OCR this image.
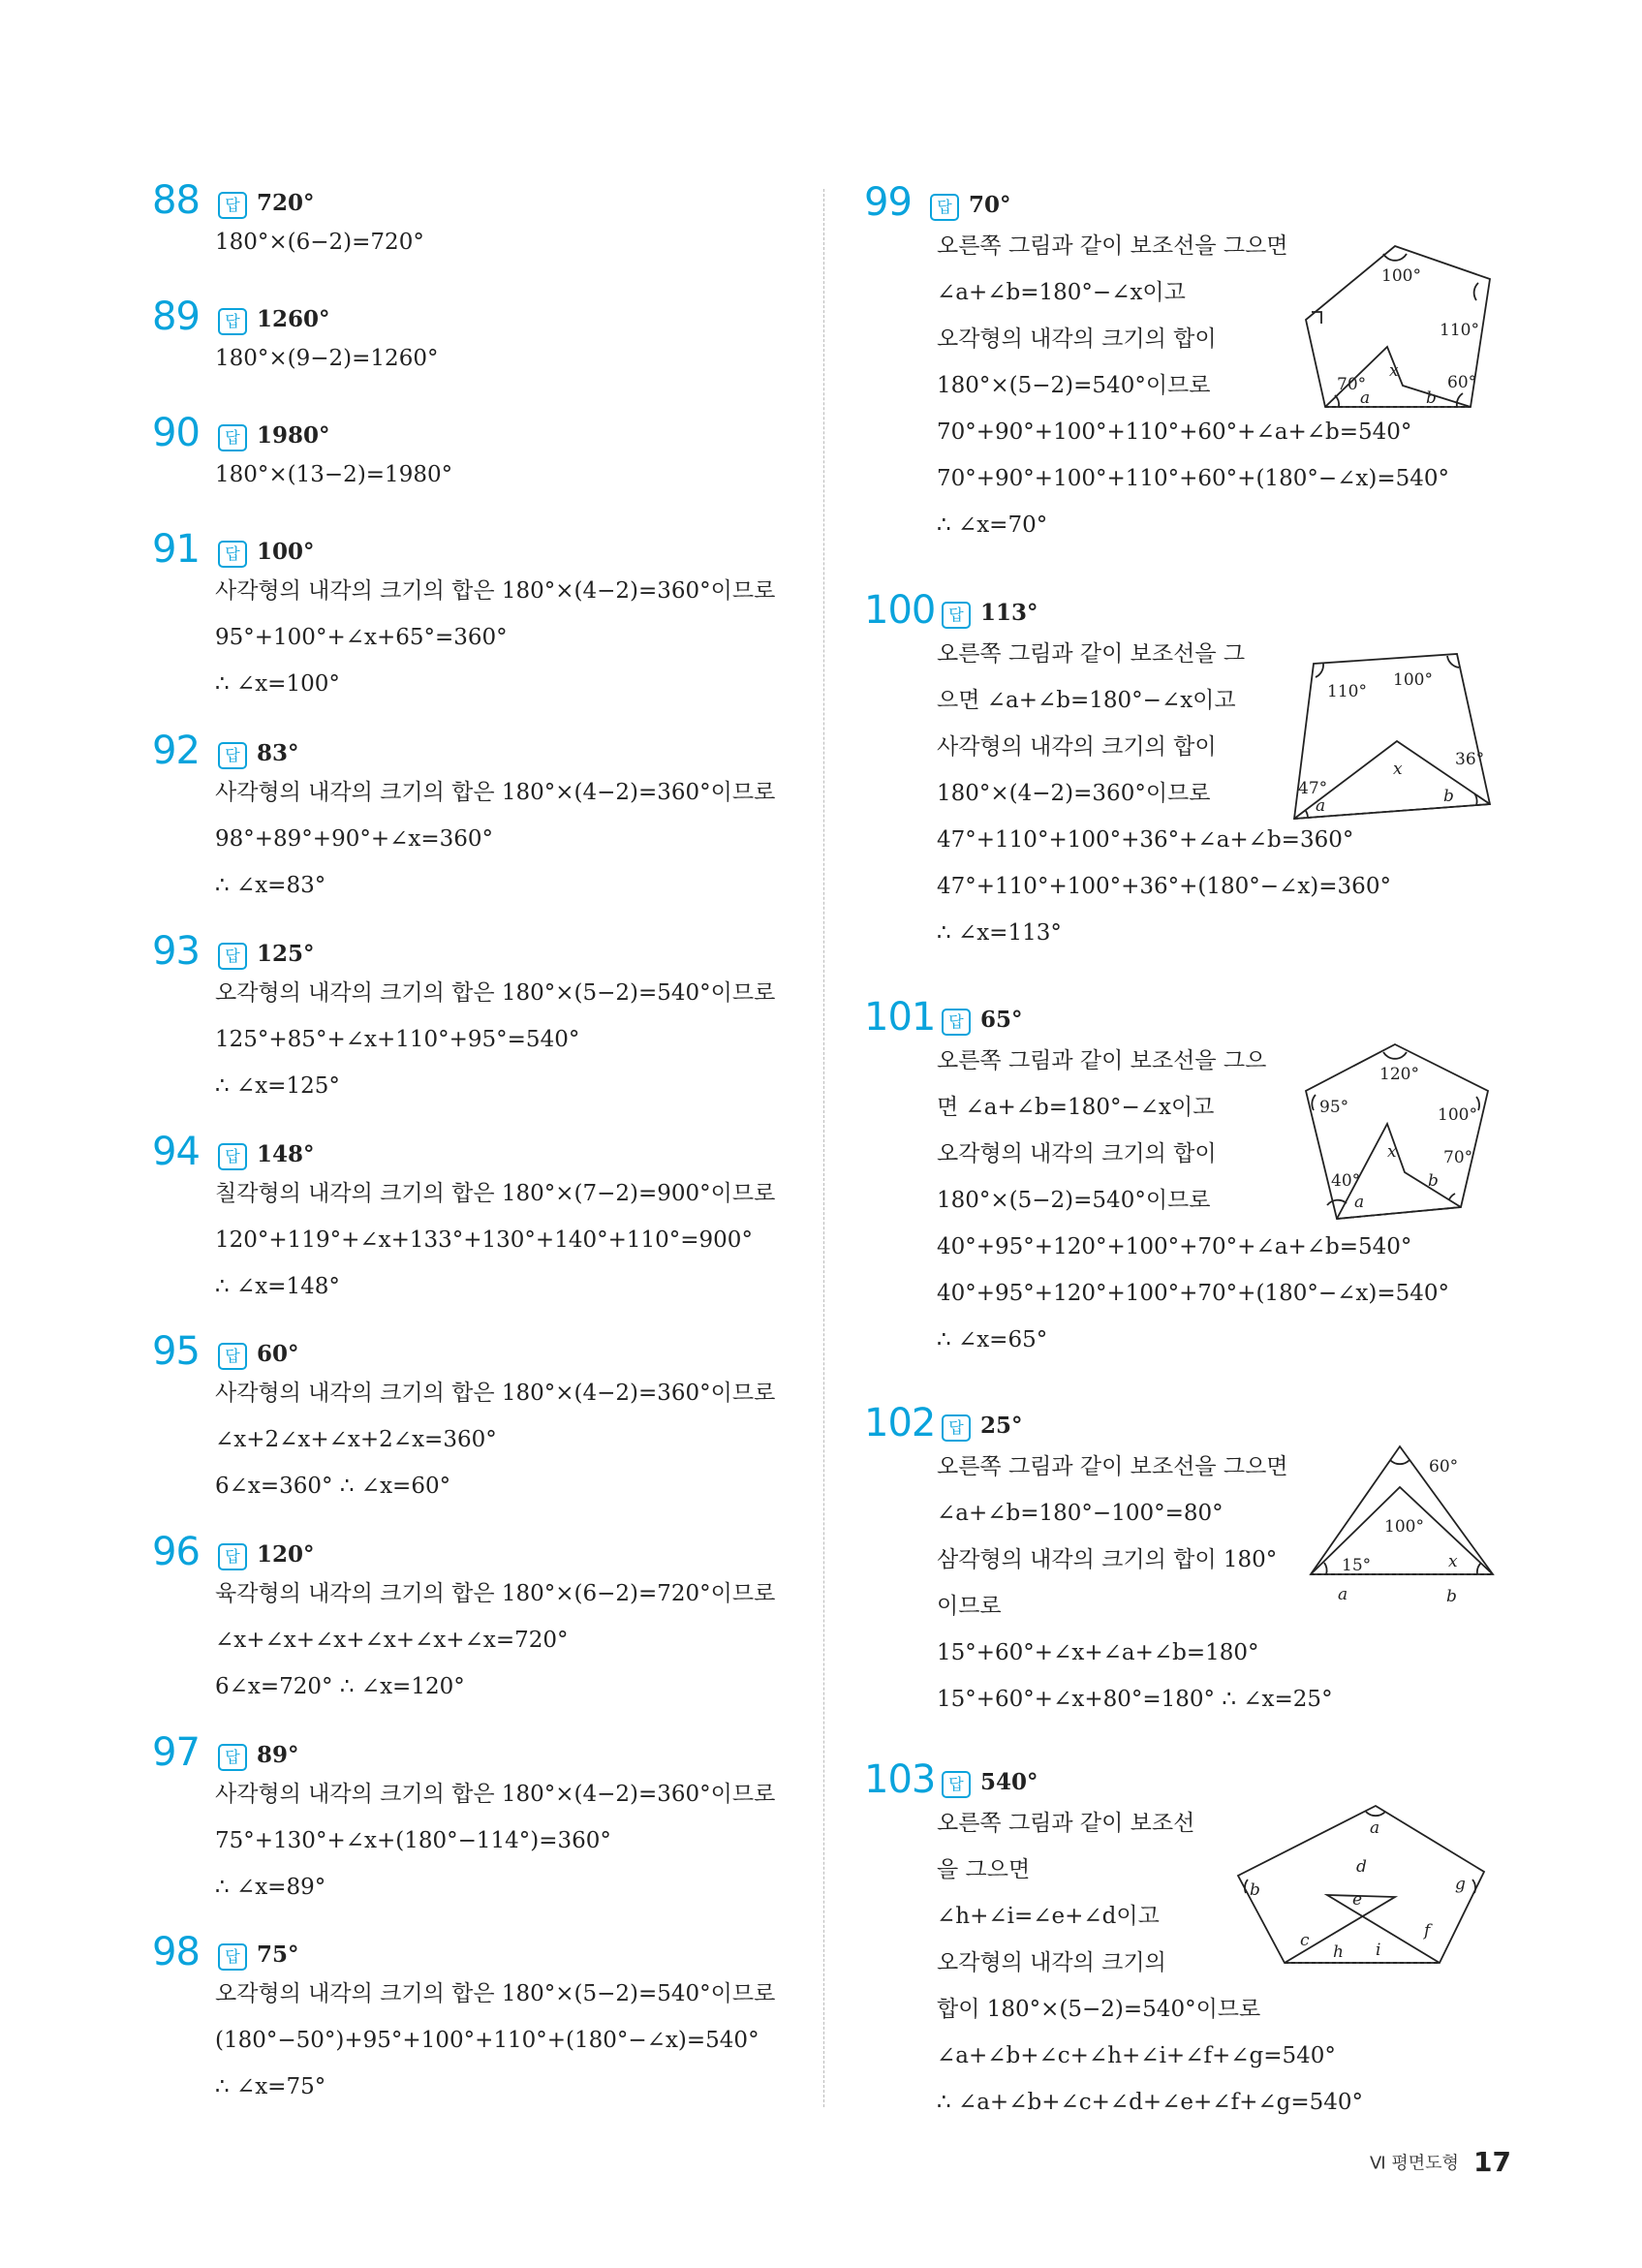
88	답 720°
180°×(6−2)=720°
89	답 1260°
180°×(9−2)=1260°
90	답 1980°
180°×(13−2)=1980°
91	답 100°
사각형의 내각의 크기의 합은 180°×(4−2)=360°이므로
95°+100°+∠x+65°=360°
∴ ∠x=100°
92	답 83°
사각형의 내각의 크기의 합은 180°×(4−2)=360°이므로
98°+89°+90°+∠x=360°
∴ ∠x=83°
93	답 125°
오각형의 내각의 크기의 합은 180°×(5−2)=540°이므로
125°+85°+∠x+110°+95°=540°
∴ ∠x=125°
94	답 148°
칠각형의 내각의 크기의 합은 180°×(7−2)=900°이므로
120°+119°+∠x+133°+130°+140°+110°=900°
∴ ∠x=148°
95	답 60°
사각형의 내각의 크기의 합은 180°×(4−2)=360°이므로
∠x+2∠x+∠x+2∠x=360°
6∠x=360° ∴ ∠x=60°
96	답 120°
육각형의 내각의 크기의 합은 180°×(6−2)=720°이므로
∠x+∠x+∠x+∠x+∠x+∠x=720°
6∠x=720° ∴ ∠x=120°
97	답 89°
사각형의 내각의 크기의 합은 180°×(4−2)=360°이므로
75°+130°+∠x+(180°−114°)=360°
∴ ∠x=89°
98	답 75°
오각형의 내각의 크기의 합은 180°×(5−2)=540°이므로
(180°−50°)+95°+100°+110°+(180°−∠x)=540°
∴ ∠x=75°
99	답 70°
오른쪽 그림과 같이 보조선을 그으면
∠a+∠b=180°−∠x이고
오각형의 내각의 크기의 합이
180°×(5−2)=540°이므로
70°+90°+100°+110°+60°+∠a+∠b=540°
70°+90°+100°+110°+60°+(180°−∠x)=540°
∴ ∠x=70°
100 답 113°
오른쪽 그림과 같이 보조선을 그
으면 ∠a+∠b=180°−∠x이고
사각형의 내각의 크기의 합이
180°×(4−2)=360°이므로
47°+110°+100°+36°+∠a+∠b=360°
47°+110°+100°+36°+(180°−∠x)=360°
∴ ∠x=113°
101 답 65°
오른쪽 그림과 같이 보조선을 그으
면 ∠a+∠b=180°−∠x이고
오각형의 내각의 크기의 합이
180°×(5−2)=540°이므로
40°+95°+120°+100°+70°+∠a+∠b=540°
40°+95°+120°+100°+70°+(180°−∠x)=540°
∴ ∠x=65°
102 답 25°
오른쪽 그림과 같이 보조선을 그으면
∠a+∠b=180°−100°=80°
삼각형의 내각의 크기의 합이 180°
이므로
15°+60°+∠x+∠a+∠b=180°
15°+60°+∠x+80°=180° ∴ ∠x=25°
103 답 540°
오른쪽 그림과 같이 보조선
을 그으면
∠h+∠i=∠e+∠d이고
오각형의 내각의 크기의
합이 180°×(5−2)=540°이므로
∠a+∠b+∠c+∠h+∠i+∠f+∠g=540°
∴ ∠a+∠b+∠c+∠d+∠e+∠f+∠g=540°
100°
110°
70°	60°
x
a	b
110°
100°
36°
47°
x
a	b
120°
95°	100°
70°
40°
x
a
b
60°
100°
15°	x
a	b
a
b
c
d
e
f
g
h i
Ⅵ 평면도형 17
